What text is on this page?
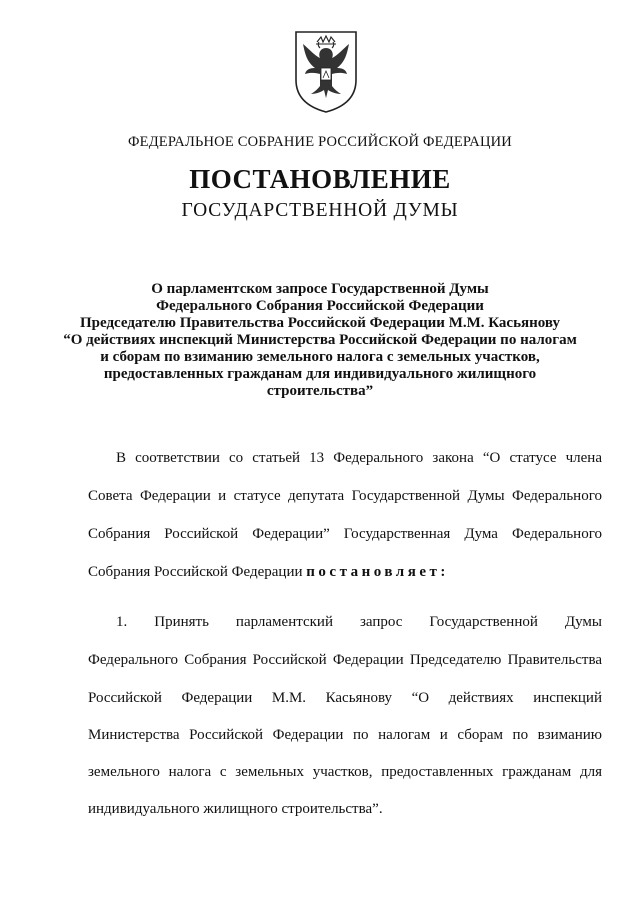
ФЕДЕРАЛЬНОЕ СОБРАНИЕ РОССИЙСКОЙ ФЕДЕРАЦИИ
ПОСТАНОВЛЕНИЕ
ГОСУДАРСТВЕННОЙ ДУМЫ
О парламентском запросе Государственной Думы
Федерального Собрания Российской Федерации
Председателю Правительства Российской Федерации М.М. Касьянову
“О действиях инспекций Министерства Российской Федерации по налогам
и сборам по взиманию земельного налога с земельных участков,
предоставленных гражданам для индивидуального жилищного
строительства”
В соответствии со статьей 13 Федерального закона “О статусе члена
Совета Федерации и статусе депутата Государственной Думы Федерального
Собрания Российской Федерации” Государственная Дума Федерального
Собрания Российской Федерации постановляет:
1. Принять парламентский запрос Государственной Думы
Федерального Собрания Российской Федерации Председателю Правительства
Российской Федерации М.М. Касьянову “О действиях инспекций
Министерства Российской Федерации по налогам и сборам по взиманию
земельного налога с земельных участков, предоставленных гражданам для
индивидуального жилищного строительства”.
